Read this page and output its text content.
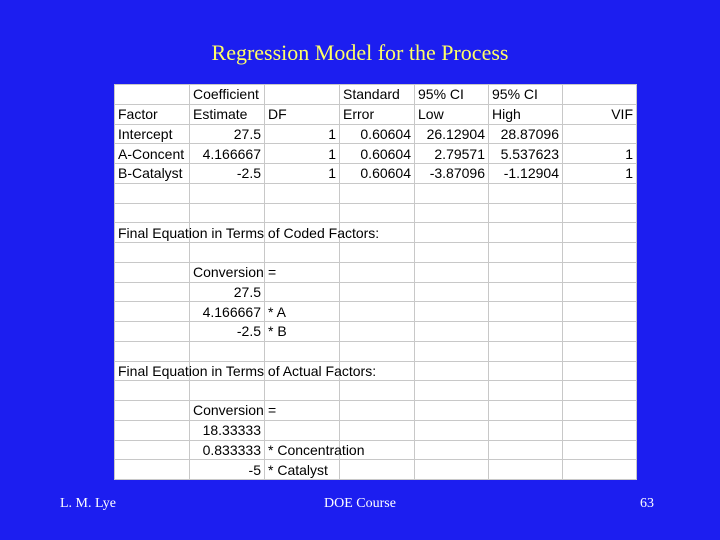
Regression Model for the Process
	Coefficient		Standard	95% CI	95% CI	
Factor	Estimate	DF	Error	Low	High	VIF
Intercept	27.5	1	0.60604	26.12904	28.87096	
A-Concent	4.166667	1	0.60604	2.79571	5.537623	1
B-Catalyst	-2.5	1	0.60604	-3.87096	-1.12904	1

Final Equation in Terms of Coded Factors:						

	Conversion	=				
	27.5					
	4.166667	* A				
	-2.5	* B				

Final Equation in Terms of Actual Factors:						

	Conversion	=				
	18.33333					
	0.833333	* Concentration				
	-5	* Catalyst				
L. M. Lye	DOE Course	63
